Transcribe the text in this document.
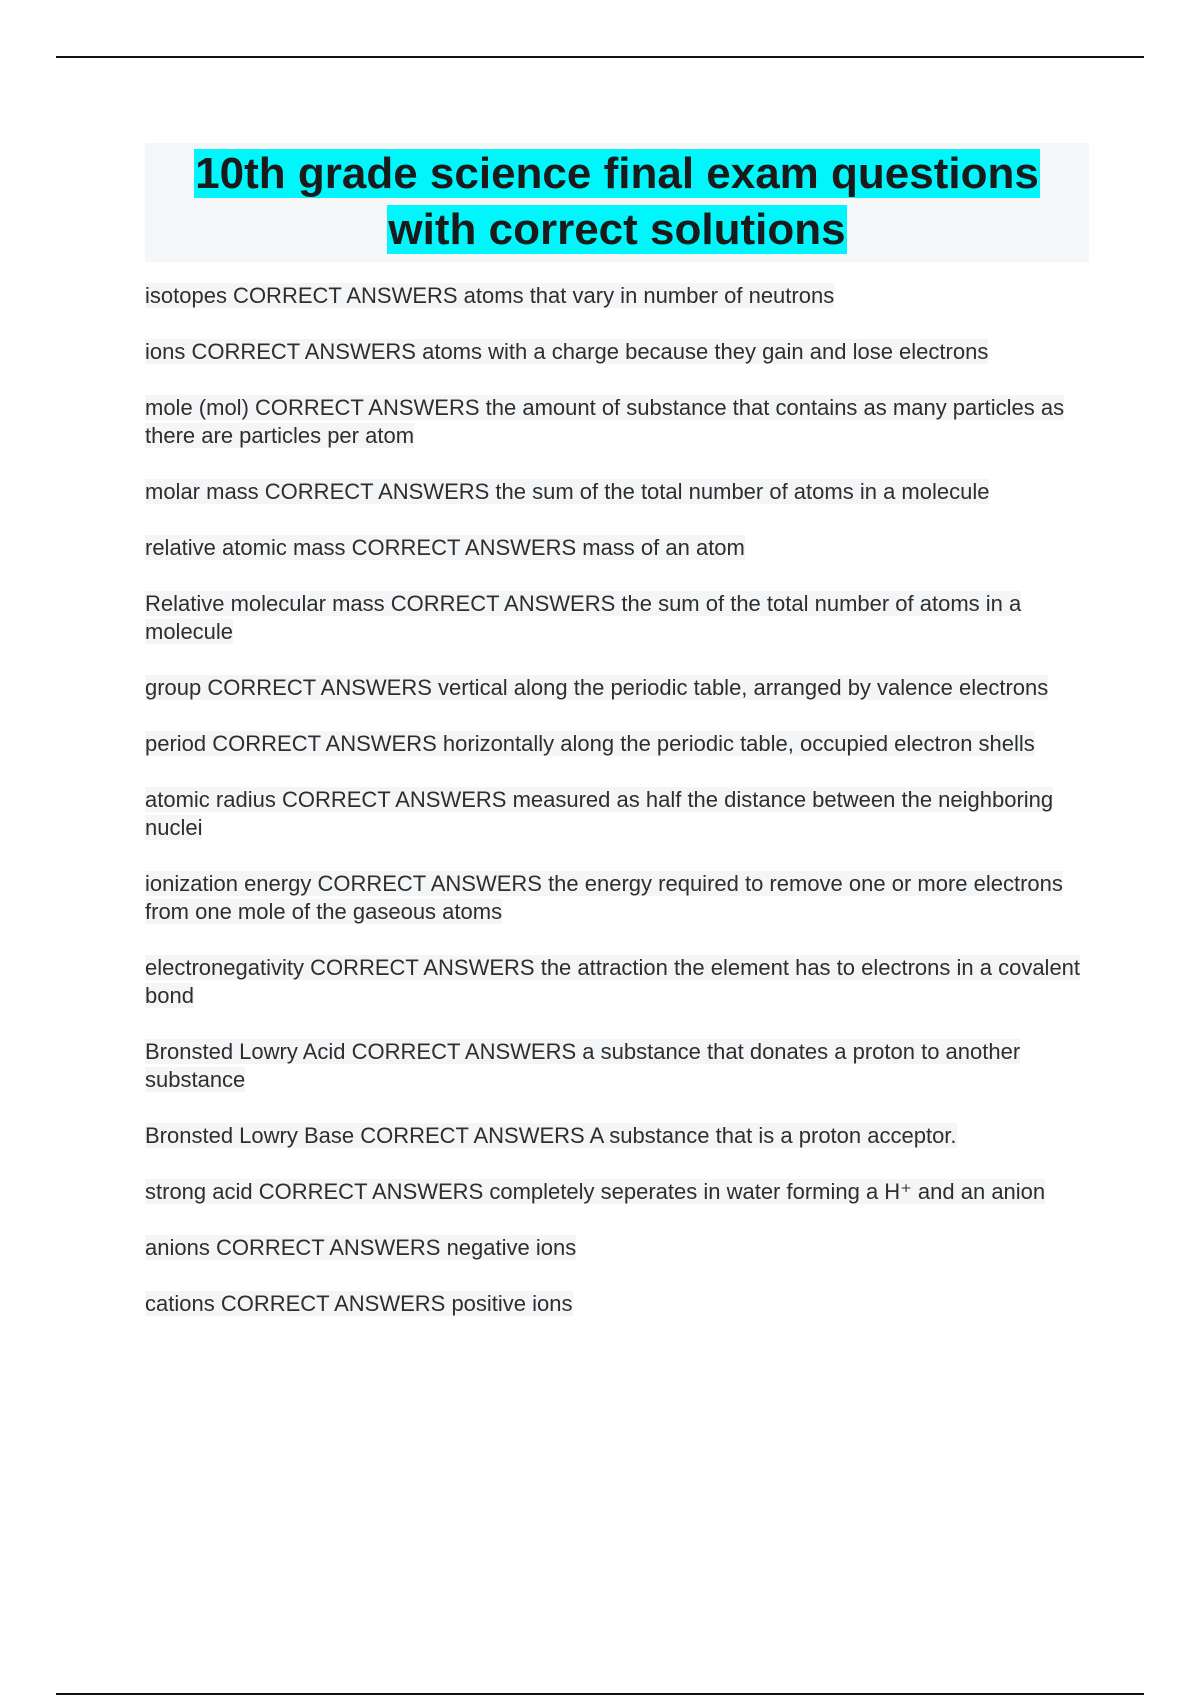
10th grade science final exam questions with correct solutions
isotopes CORRECT ANSWERS atoms that vary in number of neutrons
ions CORRECT ANSWERS atoms with a charge because they gain and lose electrons
mole (mol) CORRECT ANSWERS the amount of substance that contains as many particles as there are particles per atom
molar mass CORRECT ANSWERS the sum of the total number of atoms in a molecule
relative atomic mass CORRECT ANSWERS mass of an atom
Relative molecular mass CORRECT ANSWERS the sum of the total number of atoms in a molecule
group CORRECT ANSWERS vertical along the periodic table, arranged by valence electrons
period CORRECT ANSWERS horizontally along the periodic table, occupied electron shells
atomic radius CORRECT ANSWERS measured as half the distance between the neighboring nuclei
ionization energy CORRECT ANSWERS the energy required to remove one or more electrons from one mole of the gaseous atoms
electronegativity CORRECT ANSWERS the attraction the element has to electrons in a covalent bond
Bronsted Lowry Acid CORRECT ANSWERS a substance that donates a proton to another substance
Bronsted Lowry Base CORRECT ANSWERS A substance that is a proton acceptor.
strong acid CORRECT ANSWERS completely seperates in water forming a H⁺ and an anion
anions CORRECT ANSWERS negative ions
cations CORRECT ANSWERS positive ions
